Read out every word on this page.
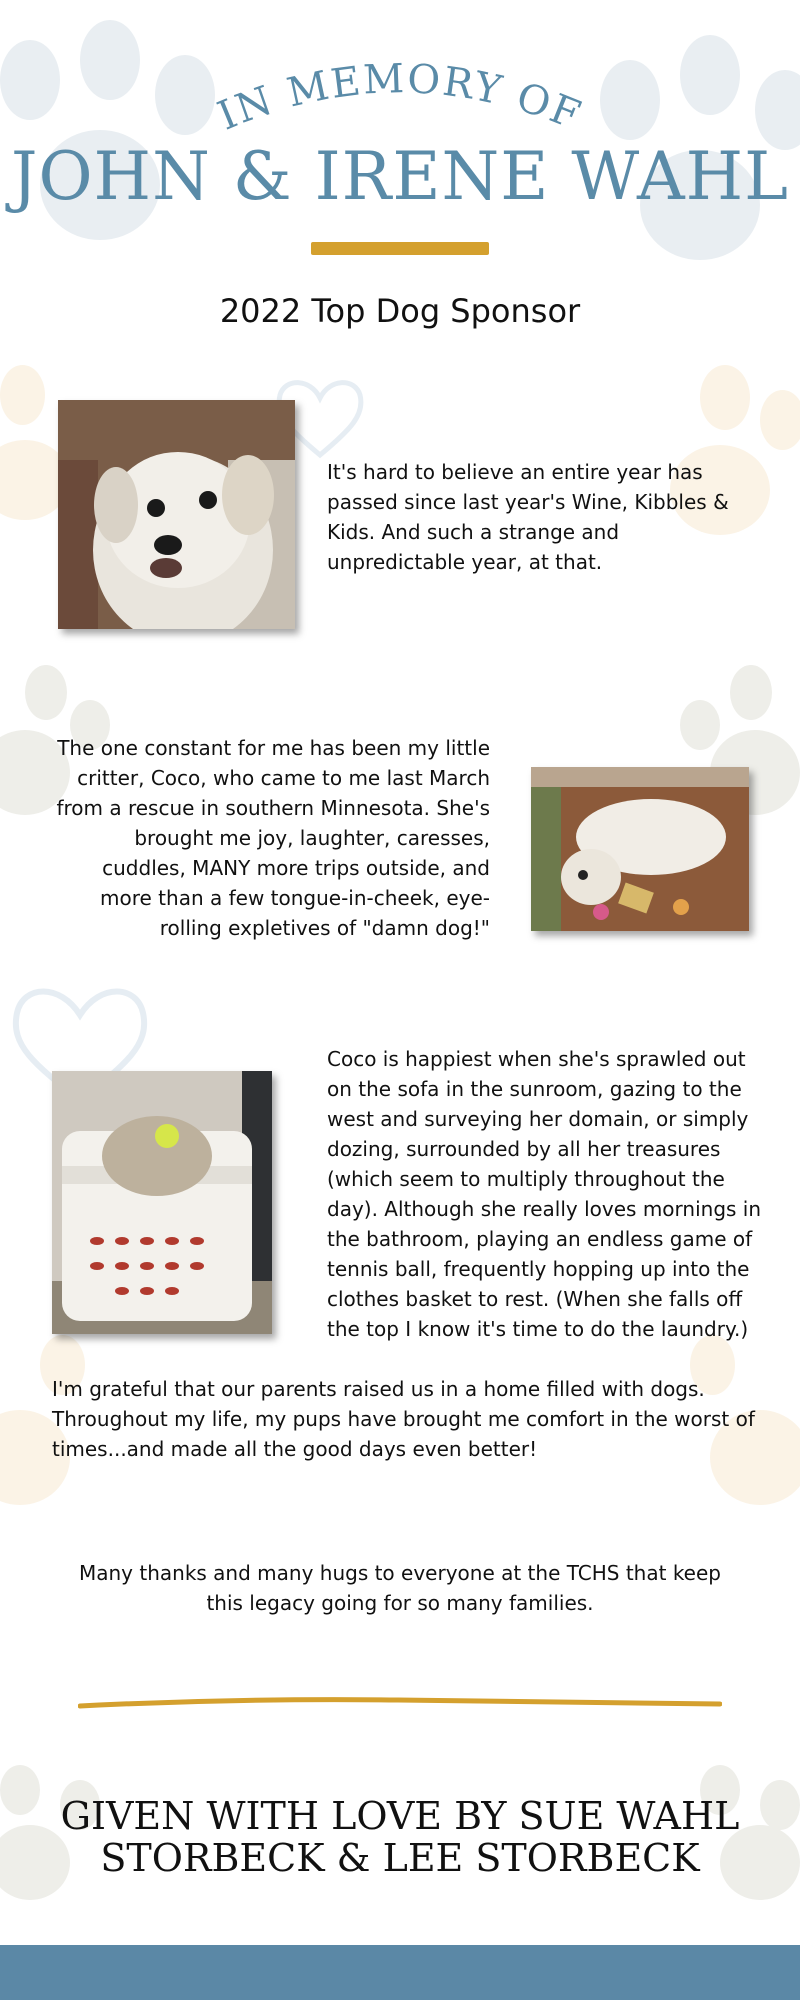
IN MEMORY OF
JOHN & IRENE WAHL
2022 Top Dog Sponsor
It's hard to believe an entire year has passed since last year's Wine, Kibbles & Kids. And such a strange and unpredictable year, at that.
The one constant for me has been my little critter, Coco, who came to me last March from a rescue in southern Minnesota. She's brought me joy, laughter, caresses, cuddles, MANY more trips outside, and more than a few tongue-in-cheek, eye-rolling expletives of "damn dog!"
Coco is happiest when she's sprawled out on the sofa in the sunroom, gazing to the west and surveying her domain, or simply dozing, surrounded by all her treasures (which seem to multiply throughout the day). Although she really loves mornings in the bathroom, playing an endless game of tennis ball, frequently hopping up into the clothes basket to rest. (When she falls off the top I know it's time to do the laundry.)
I'm grateful that our parents raised us in a home filled with dogs. Throughout my life, my pups have brought me comfort in the worst of times...and made all the good days even better!
Many thanks and many hugs to everyone at the TCHS that keep this legacy going for so many families.
GIVEN WITH LOVE BY SUE WAHL STORBECK & LEE STORBECK
